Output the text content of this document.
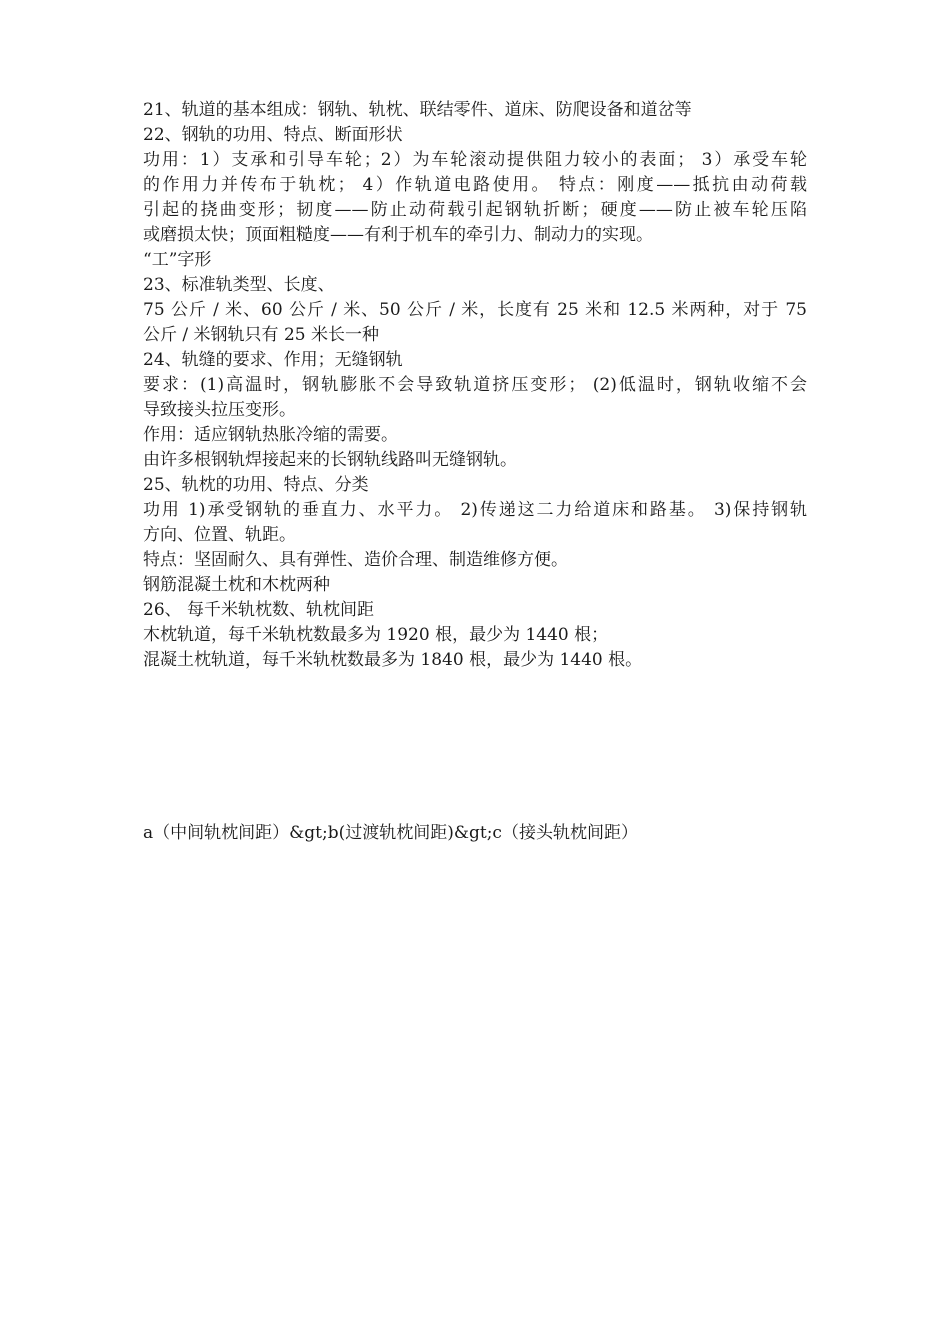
21、轨道的基本组成：钢轨、轨枕、联结零件、道床、防爬设备和道岔等
22、钢轨的功用、特点、断面形状
功用：1）支承和引导车轮；2）为车轮滚动提供阻力较小的表面； 3）承受车轮
的作用力并传布于轨枕； 4）作轨道电路使用。 特点：刚度——抵抗由动荷载
引起的挠曲变形；韧度——防止动荷载引起钢轨折断；硬度——防止被车轮压陷
或磨损太快；顶面粗糙度——有利于机车的牵引力、制动力的实现。
“工”字形
23、标准轨类型、长度、
75 公斤 / 米、60 公斤 / 米、50 公斤 / 米，长度有 25 米和 12.5 米两种，对于 75
公斤 / 米钢轨只有 25 米长一种
24、轨缝的要求、作用；无缝钢轨
要求：(1)高温时，钢轨膨胀不会导致轨道挤压变形； (2)低温时，钢轨收缩不会
导致接头拉压变形。
作用：适应钢轨热胀冷缩的需要。
由许多根钢轨焊接起来的长钢轨线路叫无缝钢轨。
25、轨枕的功用、特点、分类
功用 1)承受钢轨的垂直力、水平力。 2)传递这二力给道床和路基。 3)保持钢轨
方向、位置、轨距。
特点：坚固耐久、具有弹性、造价合理、制造维修方便。
钢筋混凝土枕和木枕两种
26、 每千米轨枕数、轨枕间距
木枕轨道，每千米轨枕数最多为 1920 根，最少为 1440 根；
混凝土枕轨道，每千米轨枕数最多为 1840 根，最少为 1440 根。
a（中间轨枕间距）&gt;b(过渡轨枕间距)&gt;c（接头轨枕间距）
